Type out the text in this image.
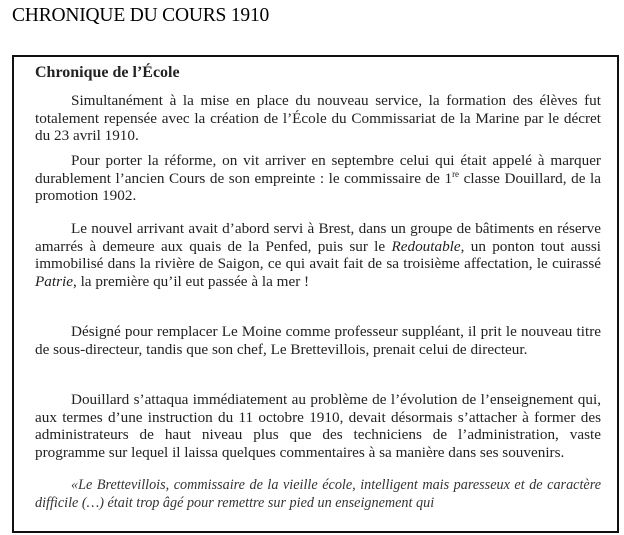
CHRONIQUE DU COURS 1910
Chronique de l’École

Simultanément à la mise en place du nouveau service, la formation des élèves fut totalement repensée avec la création de l’École du Commissariat de la Marine par le décret du 23 avril 1910.

Pour porter la réforme, on vit arriver en septembre celui qui était appelé à marquer durablement l’ancien Cours de son empreinte : le commissaire de 1re classe Douillard, de la promotion 1902.

Le nouvel arrivant avait d’abord servi à Brest, dans un groupe de bâtiments en réserve amarrés à demeure aux quais de la Penfed, puis sur le Redoutable, un ponton tout aussi immobilisé dans la rivière de Saigon, ce qui avait fait de sa troisième affectation, le cuirassé Patrie, la première qu’il eut passée à la mer !

Désigné pour remplacer Le Moine comme professeur suppléant, il prit le nouveau titre de sous-directeur, tandis que son chef, Le Brettevillois, prenait celui de directeur.

Douillard s’attaqua immédiatement au problème de l’évolution de l’enseignement qui, aux termes d’une instruction du 11 octobre 1910, devait désormais s’attacher à former des administrateurs de haut niveau plus que des techniciens de l’administration, vaste programme sur lequel il laissa quelques commentaires à sa manière dans ses souvenirs.

«Le Brettevillois, commissaire de la vieille école, intelligent mais paresseux et de caractère difficile (…) était trop âgé pour remettre sur pied un enseignement qui
